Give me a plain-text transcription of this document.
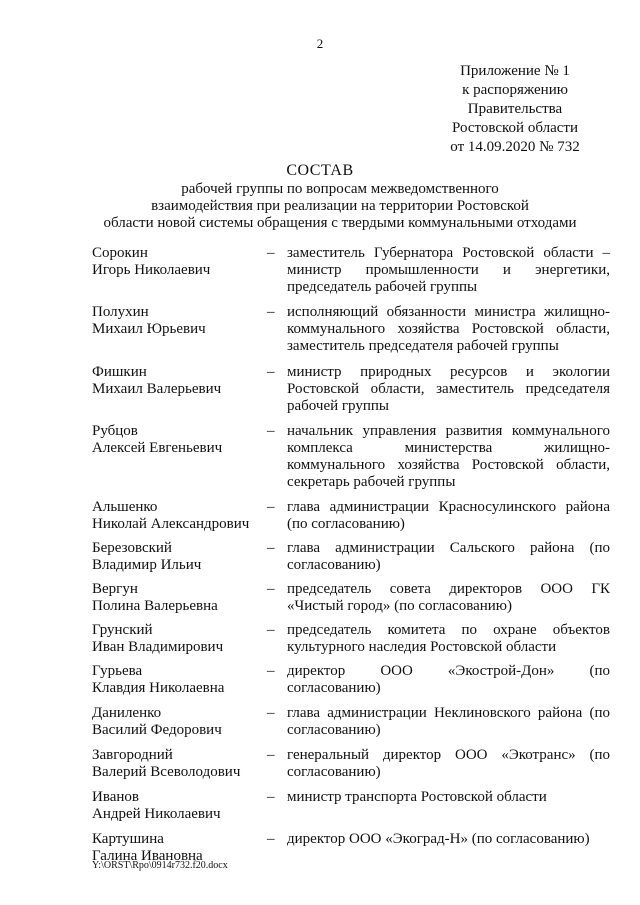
2
Приложение № 1
к распоряжению
Правительства
Ростовской области
от 14.09.2020 № 732
СОСТАВ
рабочей группы по вопросам межведомственного
взаимодействия при реализации на территории Ростовской
области новой системы обращения с твердыми коммунальными отходами
Сорокин
Игорь Николаевич
– заместитель Губернатора Ростовской области – министр промышленности и энергетики, председатель рабочей группы
Полухин
Михаил Юрьевич
– исполняющий обязанности министра жилищно-коммунального хозяйства Ростовской области, заместитель председателя рабочей группы
Фишкин
Михаил Валерьевич
– министр природных ресурсов и экологии Ростовской области, заместитель председателя рабочей группы
Рубцов
Алексей Евгеньевич
– начальник управления развития коммунального комплекса министерства жилищно-коммунального хозяйства Ростовской области, секретарь рабочей группы
Альшенко
Николай Александрович
– глава администрации Красносулинского района (по согласованию)
Березовский
Владимир Ильич
– глава администрации Сальского района (по согласованию)
Вергун
Полина Валерьевна
– председатель совета директоров ООО ГК «Чистый город» (по согласованию)
Грунский
Иван Владимирович
– председатель комитета по охране объектов культурного наследия Ростовской области
Гурьева
Клавдия Николаевна
– директор ООО «Экострой-Дон» (по согласованию)
Даниленко
Василий Федорович
– глава администрации Неклиновского района (по согласованию)
Завгородний
Валерий Всеволодович
– генеральный директор ООО «Экотранс» (по согласованию)
Иванов
Андрей Николаевич
– министр транспорта Ростовской области
Картушина
Галина Ивановна
– директор ООО «Экоград-Н» (по согласованию)
Y:\ORST\Rpo\0914r732.f20.docx
